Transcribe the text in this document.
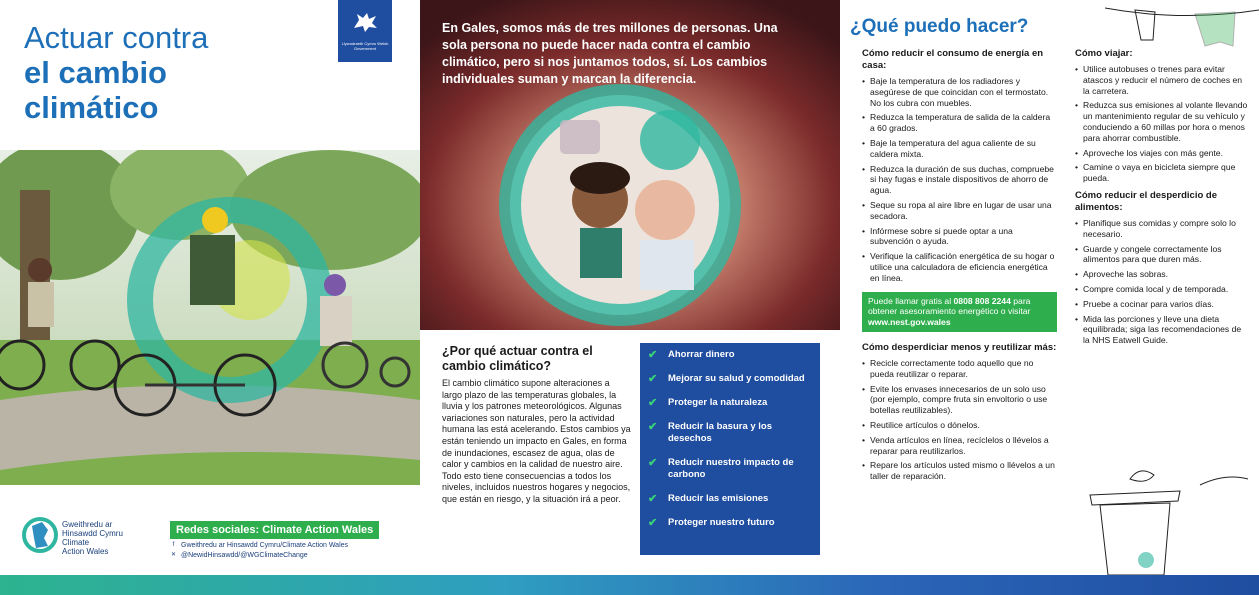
Actuar contra
el cambio
climático
Llywodraeth Cymru Welsh Government
Gweithredu ar
Hinsawdd Cymru
Climate
Action Wales
Redes sociales: Climate Action Wales
f Gweithredu ar Hinsawdd Cymru/Climate Action Wales
✕ @NewidHinsawdd/@WGClimateChange

En Gales, somos más de tres millones de personas. Una sola persona no puede hacer nada contra el cambio climático, pero si nos juntamos todos, sí. Los cambios individuales suman y marcan la diferencia.

¿Por qué actuar contra el cambio climático?

El cambio climático supone alteraciones a largo plazo de las temperaturas globales, la lluvia y los patrones meteorológicos. Algunas variaciones son naturales, pero la actividad humana las está acelerando. Estos cambios ya están teniendo un impacto en Gales, en forma de inundaciones, escasez de agua, olas de calor y cambios en la calidad de nuestro aire. Todo esto tiene consecuencias a todos los niveles, incluidos nuestros hogares y negocios, que están en riesgo, y la situación irá a peor.

✔ Ahorrar dinero
✔ Mejorar su salud y comodidad
✔ Proteger la naturaleza
✔ Reducir la basura y los desechos
✔ Reducir nuestro impacto de carbono
✔ Reducir las emisiones
✔ Proteger nuestro futuro
¿Qué puedo hacer?
Cómo reducir el consumo de energía en casa:
• Baje la temperatura de los radiadores y asegúrese de que coincidan con el termostato. No los cubra con muebles.
• Reduzca la temperatura de salida de la caldera a 60 grados.
• Baje la temperatura del agua caliente de su caldera mixta.
• Reduzca la duración de sus duchas, compruebe si hay fugas e instale dispositivos de ahorro de agua.
• Seque su ropa al aire libre en lugar de usar una secadora.
• Infórmese sobre si puede optar a una subvención o ayuda.
• Verifique la calificación energética de su hogar o utilice una calculadora de eficiencia energética en línea.
Puede llamar gratis al 0808 808 2244 para obtener asesoramiento energético o visitar www.nest.gov.wales
Cómo desperdiciar menos y reutilizar más:
• Recicle correctamente todo aquello que no pueda reutilizar o reparar.
• Evite los envases innecesarios de un solo uso (por ejemplo, compre fruta sin envoltorio o use botellas reutilizables).
• Reutilice artículos o dónelos.
• Venda artículos en línea, recíclelos o llévelos a reparar para reutilizarlos.
• Repare los artículos usted mismo o llévelos a un taller de reparación.
Cómo viajar:
• Utilice autobuses o trenes para evitar atascos y reducir el número de coches en la carretera.
• Reduzca sus emisiones al volante llevando un mantenimiento regular de su vehículo y conduciendo a 60 millas por hora o menos para ahorrar combustible.
• Aproveche los viajes con más gente.
• Camine o vaya en bicicleta siempre que pueda.
Cómo reducir el desperdicio de alimentos:
• Planifique sus comidas y compre solo lo necesario.
• Guarde y congele correctamente los alimentos para que duren más.
• Aproveche las sobras.
• Compre comida local y de temporada.
• Pruebe a cocinar para varios días.
• Mida las porciones y lleve una dieta equilibrada; siga las recomendaciones de la NHS Eatwell Guide.
